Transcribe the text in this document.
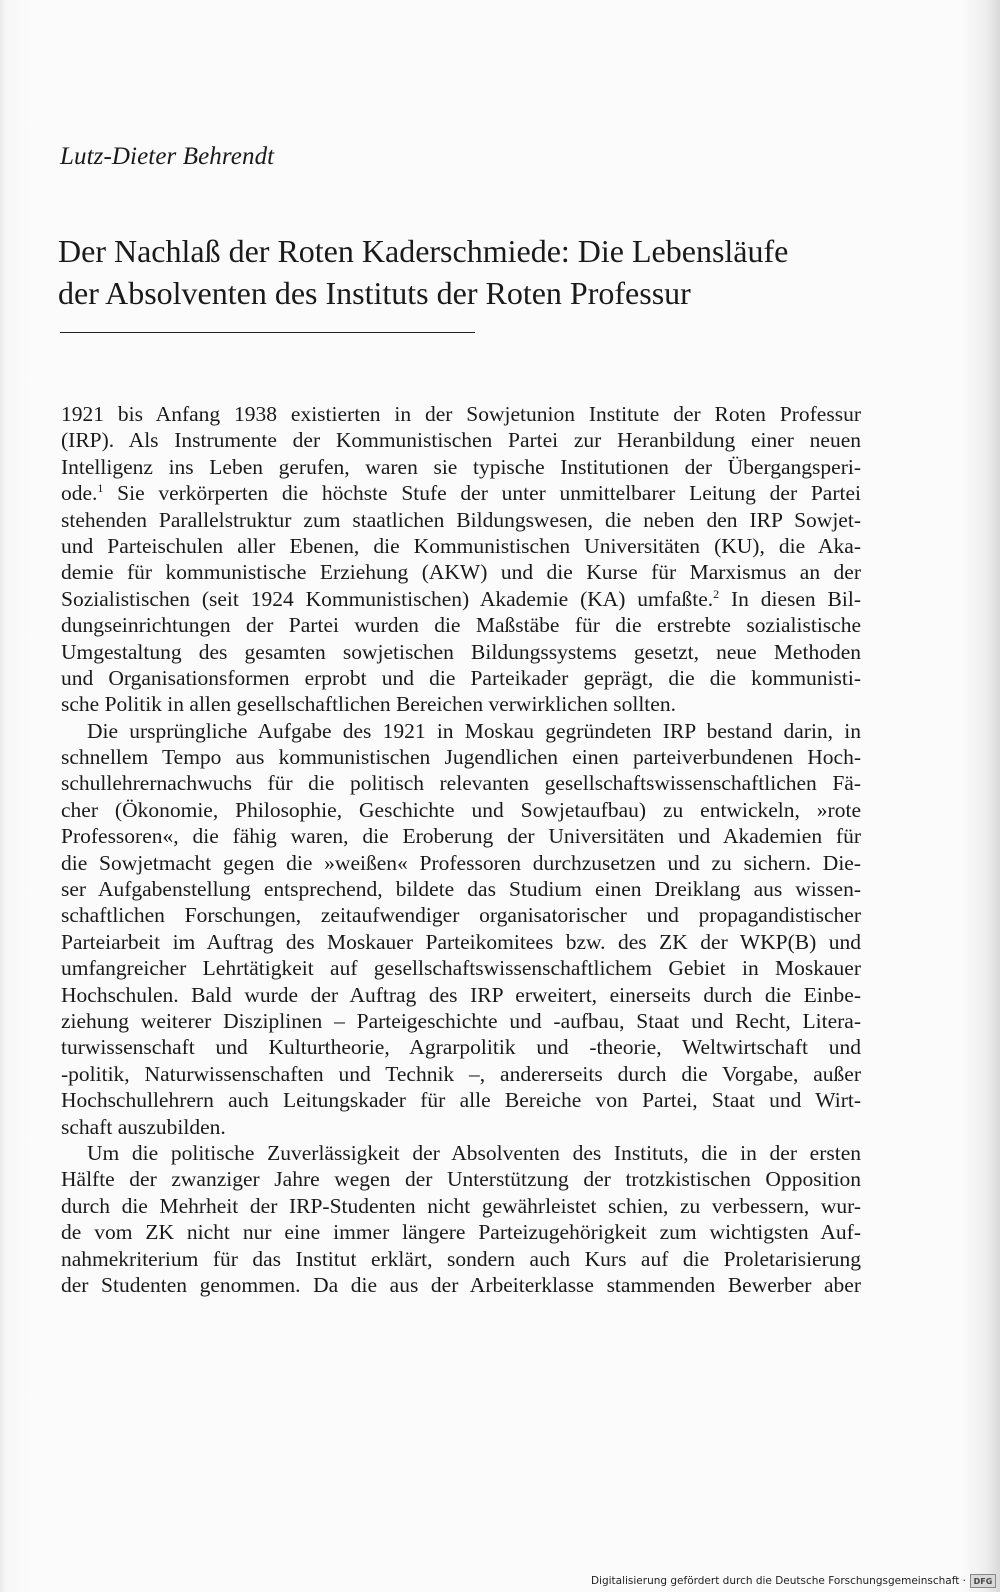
Lutz-Dieter Behrendt
Der Nachlaß der Roten Kaderschmiede: Die Lebensläufe
der Absolventen des Instituts der Roten Professur
1921 bis Anfang 1938 existierten in der Sowjetunion Institute der Roten Professur
(IRP). Als Instrumente der Kommunistischen Partei zur Heranbildung einer neuen
Intelligenz ins Leben gerufen, waren sie typische Institutionen der Übergangsperi-
ode.$^1$ Sie verkörperten die höchste Stufe der unter unmittelbarer Leitung der Partei
stehenden Parallelstruktur zum staatlichen Bildungswesen, die neben den IRP Sowjet-
und Parteischulen aller Ebenen, die Kommunistischen Universitäten (KU), die Aka-
demie für kommunistische Erziehung (AKW) und die Kurse für Marxismus an der
Sozialistischen (seit 1924 Kommunistischen) Akademie (KA) umfaßte.$^2$ In diesen Bil-
dungseinrichtungen der Partei wurden die Maßstäbe für die erstrebte sozialistische
Umgestaltung des gesamten sowjetischen Bildungssystems gesetzt, neue Methoden
und Organisationsformen erprobt und die Parteikader geprägt, die die kommunisti-
sche Politik in allen gesellschaftlichen Bereichen verwirklichen sollten.
Die ursprüngliche Aufgabe des 1921 in Moskau gegründeten IRP bestand darin, in
schnellem Tempo aus kommunistischen Jugendlichen einen parteiverbundenen Hoch-
schullehrernachwuchs für die politisch relevanten gesellschaftswissenschaftlichen Fä-
cher (Ökonomie, Philosophie, Geschichte und Sowjetaufbau) zu entwickeln, »rote
Professoren«, die fähig waren, die Eroberung der Universitäten und Akademien für
die Sowjetmacht gegen die »weißen« Professoren durchzusetzen und zu sichern. Die-
ser Aufgabenstellung entsprechend, bildete das Studium einen Dreiklang aus wissen-
schaftlichen Forschungen, zeitaufwendiger organisatorischer und propagandistischer
Parteiarbeit im Auftrag des Moskauer Parteikomitees bzw. des ZK der WKP(B) und
umfangreicher Lehrtätigkeit auf gesellschaftswissenschaftlichem Gebiet in Moskauer
Hochschulen. Bald wurde der Auftrag des IRP erweitert, einerseits durch die Einbe-
ziehung weiterer Disziplinen – Parteigeschichte und -aufbau, Staat und Recht, Litera-
turwissenschaft und Kulturtheorie, Agrarpolitik und -theorie, Weltwirtschaft und
-politik, Naturwissenschaften und Technik –, andererseits durch die Vorgabe, außer
Hochschullehrern auch Leitungskader für alle Bereiche von Partei, Staat und Wirt-
schaft auszubilden.
Um die politische Zuverlässigkeit der Absolventen des Instituts, die in der ersten
Hälfte der zwanziger Jahre wegen der Unterstützung der trotzkistischen Opposition
durch die Mehrheit der IRP-Studenten nicht gewährleistet schien, zu verbessern, wur-
de vom ZK nicht nur eine immer längere Parteizugehörigkeit zum wichtigsten Auf-
nahmekriterium für das Institut erklärt, sondern auch Kurs auf die Proletarisierung
der Studenten genommen. Da die aus der Arbeiterklasse stammenden Bewerber aber
Digitalisierung gefördert durch die Deutsche Forschungsgemeinschaft · DFG
